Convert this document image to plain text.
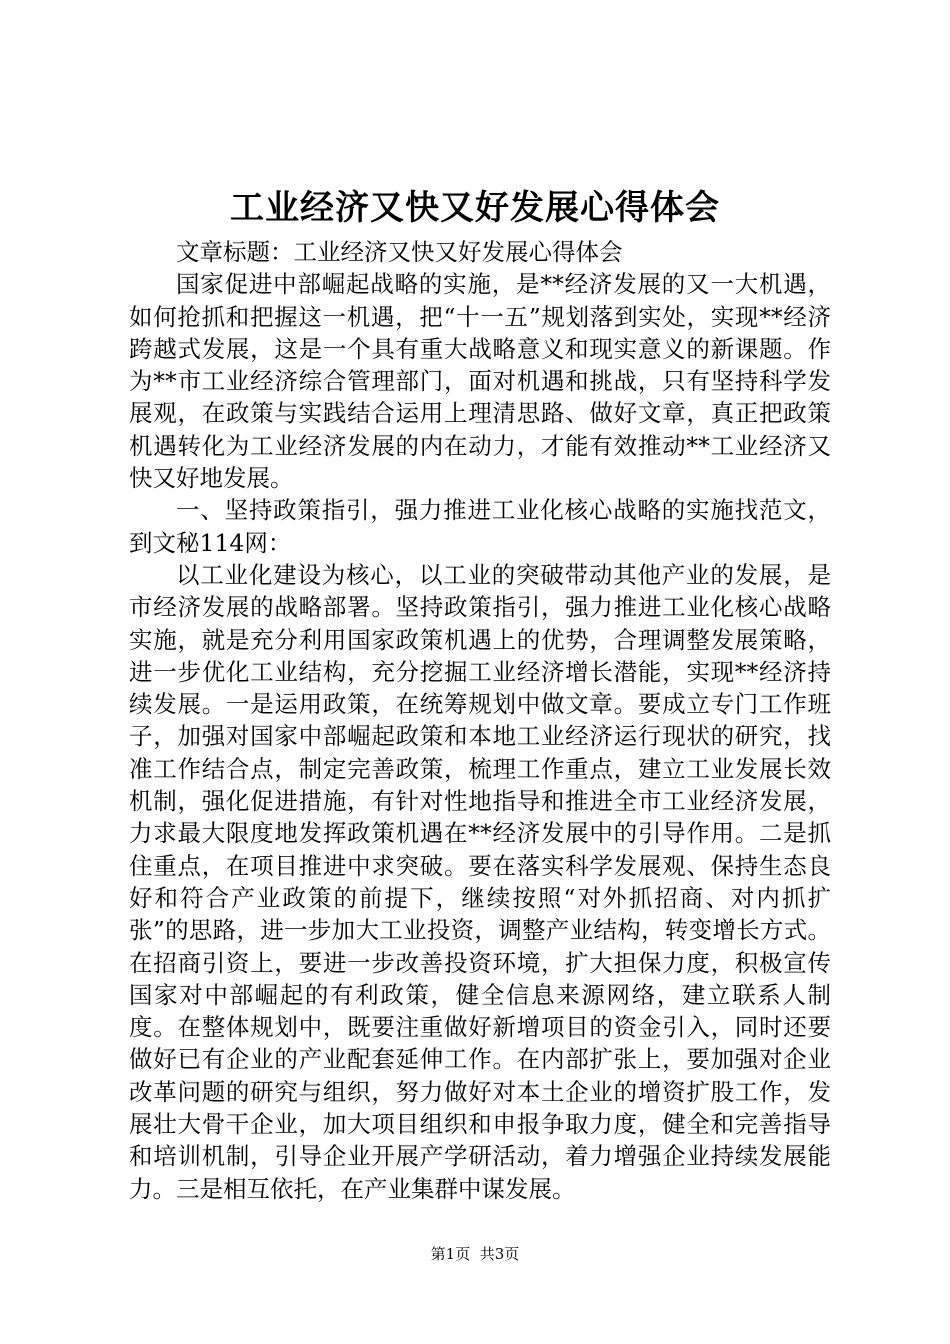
工业经济又快又好发展心得体会

文章标题：工业经济又快又好发展心得体会

国家促进中部崛起战略的实施，是**经济发展的又一大机遇，如何抢抓和把握这一机遇，把“十一五”规划落到实处，实现**经济跨越式发展，这是一个具有重大战略意义和现实意义的新课题。作为**市工业经济综合管理部门，面对机遇和挑战，只有坚持科学发展观，在政策与实践结合运用上理清思路、做好文章，真正把政策机遇转化为工业经济发展的内在动力，才能有效推动**工业经济又快又好地发展。

一、坚持政策指引，强力推进工业化核心战略的实施找范文，到文秘114网：

以工业化建设为核心，以工业的突破带动其他产业的发展，是市经济发展的战略部署。坚持政策指引，强力推进工业化核心战略实施，就是充分利用国家政策机遇上的优势，合理调整发展策略，进一步优化工业结构，充分挖掘工业经济增长潜能，实现**经济持续发展。一是运用政策，在统筹规划中做文章。要成立专门工作班子，加强对国家中部崛起政策和本地工业经济运行现状的研究，找准工作结合点，制定完善政策，梳理工作重点，建立工业发展长效机制，强化促进措施，有针对性地指导和推进全市工业经济发展，力求最大限度地发挥政策机遇在**经济发展中的引导作用。二是抓住重点，在项目推进中求突破。要在落实科学发展观、保持生态良好和符合产业政策的前提下，继续按照“对外抓招商、对内抓扩张”的思路，进一步加大工业投资，调整产业结构，转变增长方式。在招商引资上，要进一步改善投资环境，扩大担保力度，积极宣传国家对中部崛起的有利政策，健全信息来源网络，建立联系人制度。在整体规划中，既要注重做好新增项目的资金引入，同时还要做好已有企业的产业配套延伸工作。在内部扩张上，要加强对企业改革问题的研究与组织，努力做好对本土企业的增资扩股工作，发展壮大骨干企业，加大项目组织和申报争取力度，健全和完善指导和培训机制，引导企业开展产学研活动，着力增强企业持续发展能力。三是相互依托，在产业集群中谋发展。

第1页 共3页
